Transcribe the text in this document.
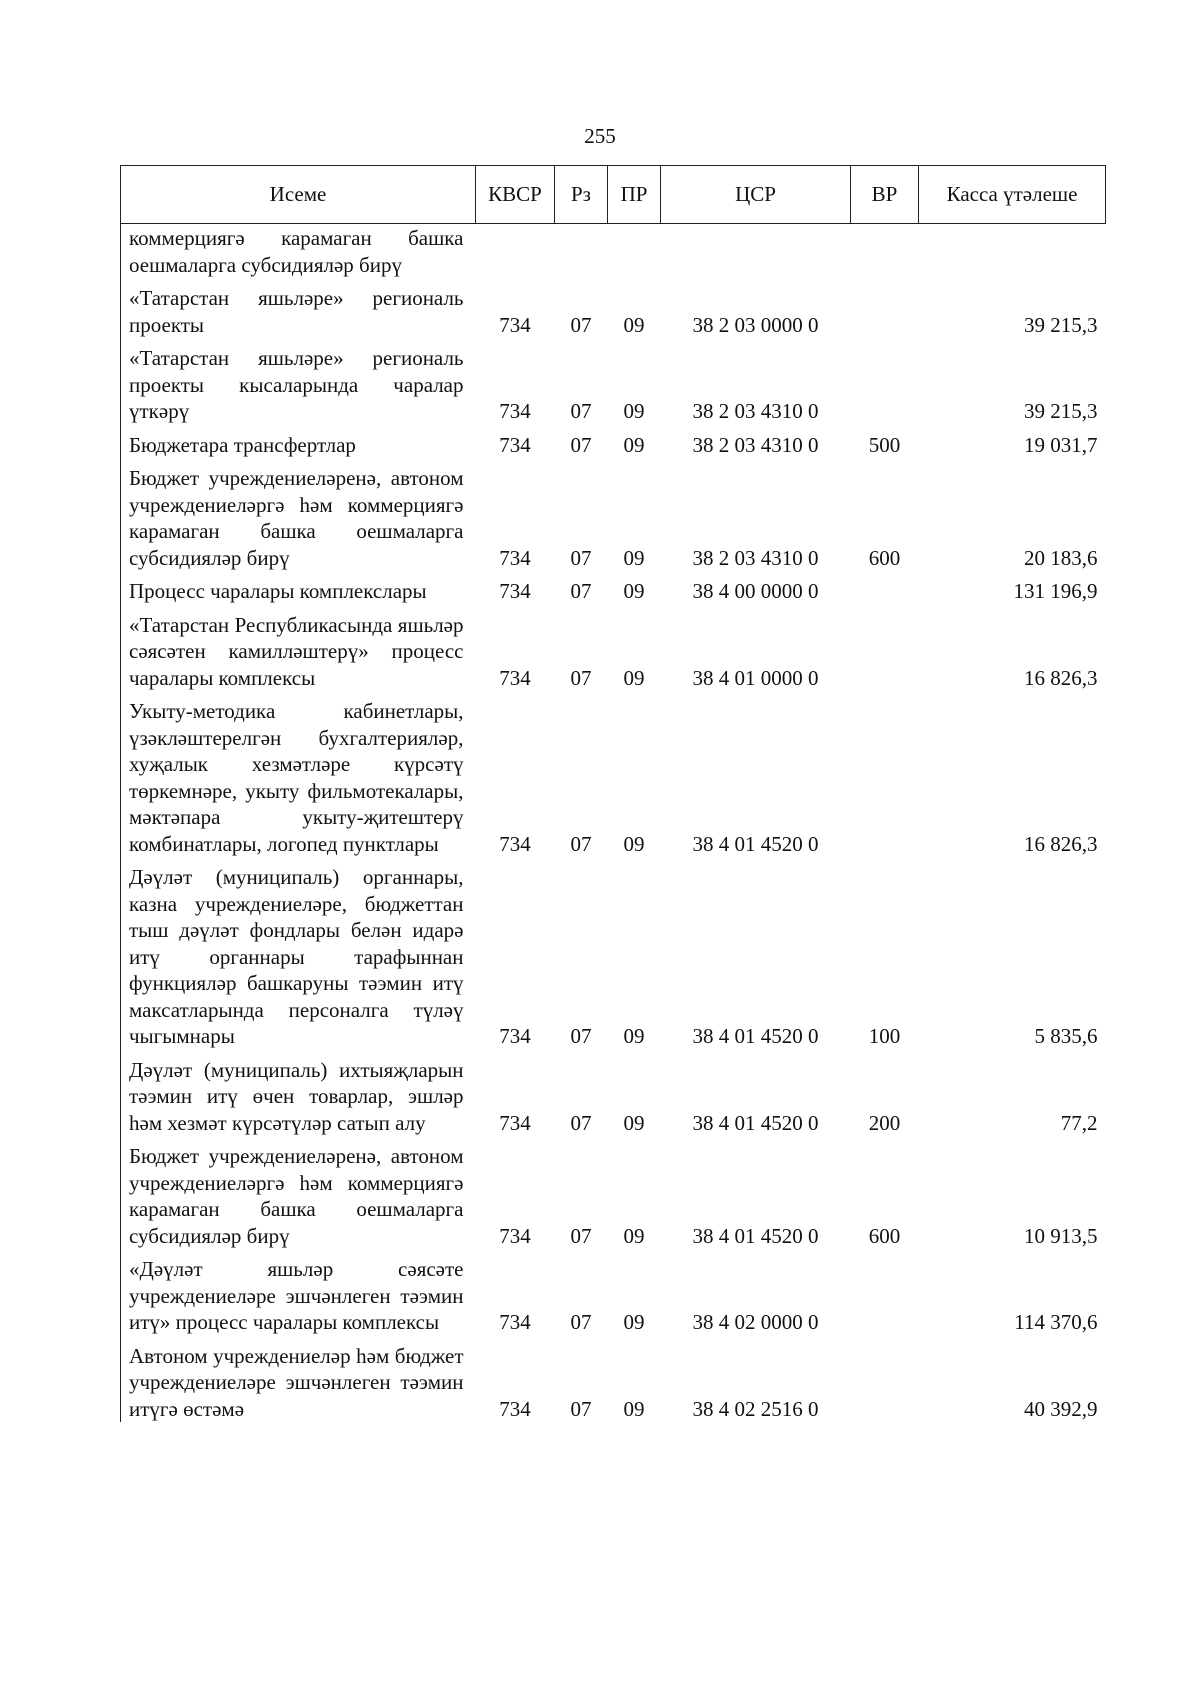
255
Исеме	КВСР	Рз	ПР	ЦСР	ВР	Касса үтәлеше
коммерциягә карамаган башка оешмаларга субсидияләр бирү						
«Татарстан яшьләре» региональ проекты	734	07	09	38 2 03 0000 0		39 215,3
«Татарстан яшьләре» региональ проекты кысаларында чаралар үткәрү	734	07	09	38 2 03 4310 0		39 215,3
Бюджетара трансфертлар	734	07	09	38 2 03 4310 0	500	19 031,7
Бюджет учреждениеләренә, автоном учреждениеләргә һәм коммерциягә карамаган башка оешмаларга субсидияләр бирү	734	07	09	38 2 03 4310 0	600	20 183,6
Процесс чаралары комплекслары	734	07	09	38 4 00 0000 0		131 196,9
«Татарстан Республикасында яшьләр сәясәтен камилләштерү» процесс чаралары комплексы	734	07	09	38 4 01 0000 0		16 826,3
Укыту-методика кабинетлары, үзәкләштерелгән бухгалтерияләр, хуҗалык хезмәтләре күрсәтү төркемнәре, укыту фильмотекалары, мәктәпара укыту-җитештерү комбинатлары, логопед пунктлары	734	07	09	38 4 01 4520 0		16 826,3
Дәүләт (муниципаль) органнары, казна учреждениеләре, бюджеттан тыш дәүләт фондлары белән идарә итү органнары тарафыннан функцияләр башкаруны тәэмин итү максатларында персоналга түләү чыгымнары	734	07	09	38 4 01 4520 0	100	5 835,6
Дәүләт (муниципаль) ихтыяҗларын тәэмин итү өчен товарлар, эшләр һәм хезмәт күрсәтүләр сатып алу	734	07	09	38 4 01 4520 0	200	77,2
Бюджет учреждениеләренә, автоном учреждениеләргә һәм коммерциягә карамаган башка оешмаларга субсидияләр бирү	734	07	09	38 4 01 4520 0	600	10 913,5
«Дәүләт яшьләр сәясәте учреждениеләре эшчәнлеген тәэмин итү» процесс чаралары комплексы	734	07	09	38 4 02 0000 0		114 370,6
Автоном учреждениеләр һәм бюджет учреждениеләре эшчәнлеген тәэмин итүгә өстәмә	734	07	09	38 4 02 2516 0		40 392,9
